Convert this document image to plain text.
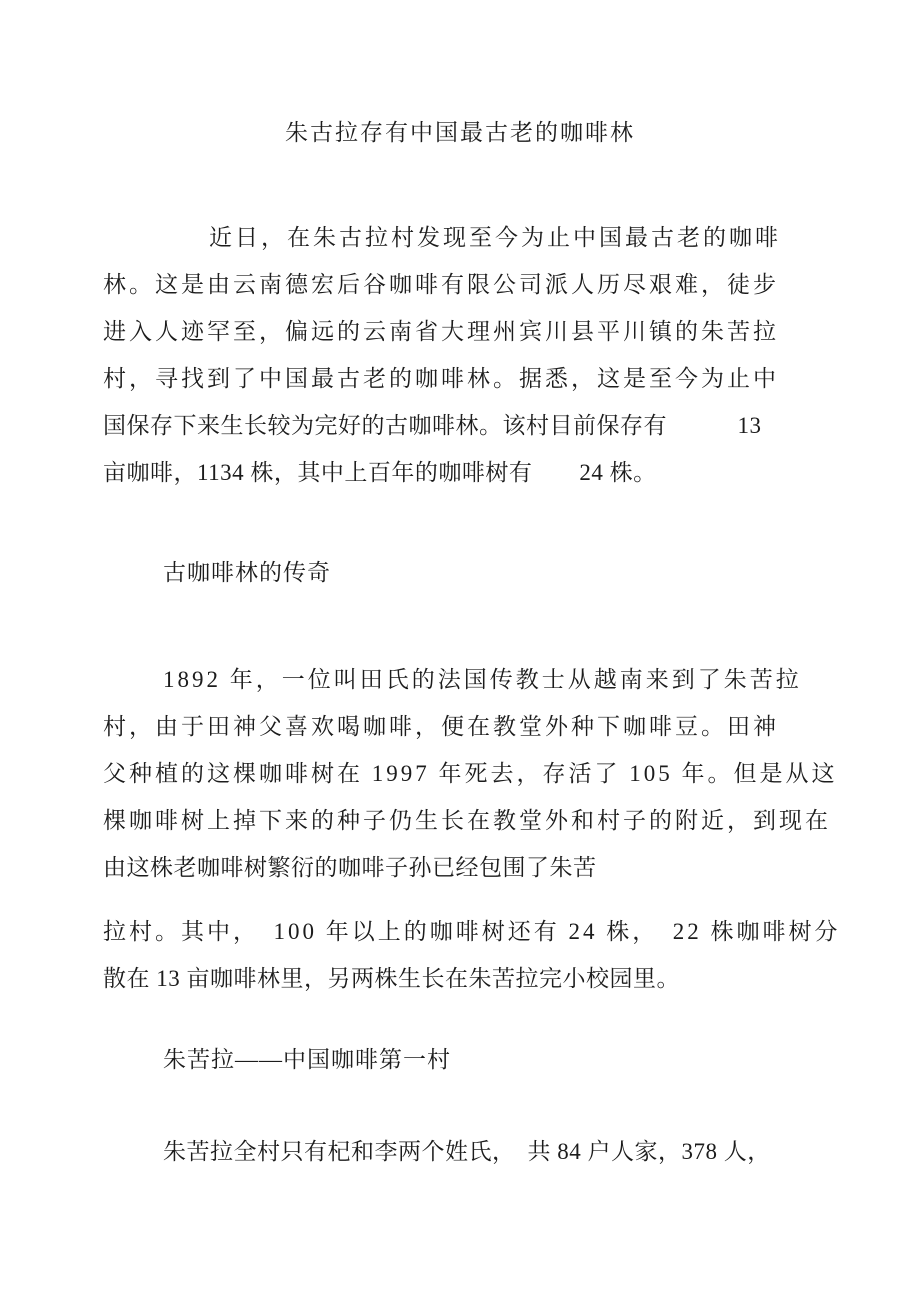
朱古拉存有中国最古老的咖啡林
近日，在朱古拉村发现至今为止中国最古老的咖啡
林。这是由云南德宏后谷咖啡有限公司派人历尽艰难，徒步
进入人迹罕至，偏远的云南省大理州宾川县平川镇的朱苦拉
村，寻找到了中国最古老的咖啡林。据悉，这是至今为止中
国保存下来生长较为完好的古咖啡林。该村目前保存有　　　13
亩咖啡，1134 株，其中上百年的咖啡树有　　24 株。
古咖啡林的传奇
1892 年，一位叫田氏的法国传教士从越南来到了朱苦拉
村，由于田神父喜欢喝咖啡，便在教堂外种下咖啡豆。田神
父种植的这棵咖啡树在 1997 年死去，存活了 105 年。但是从这
棵咖啡树上掉下来的种子仍生长在教堂外和村子的附近，到现在
由这株老咖啡树繁衍的咖啡子孙已经包围了朱苦
拉村。其中，　100 年以上的咖啡树还有 24 株，　22 株咖啡树分
散在 13 亩咖啡林里，另两株生长在朱苦拉完小校园里。
朱苦拉——中国咖啡第一村
朱苦拉全村只有杞和李两个姓氏，　共 84 户人家，378 人，
